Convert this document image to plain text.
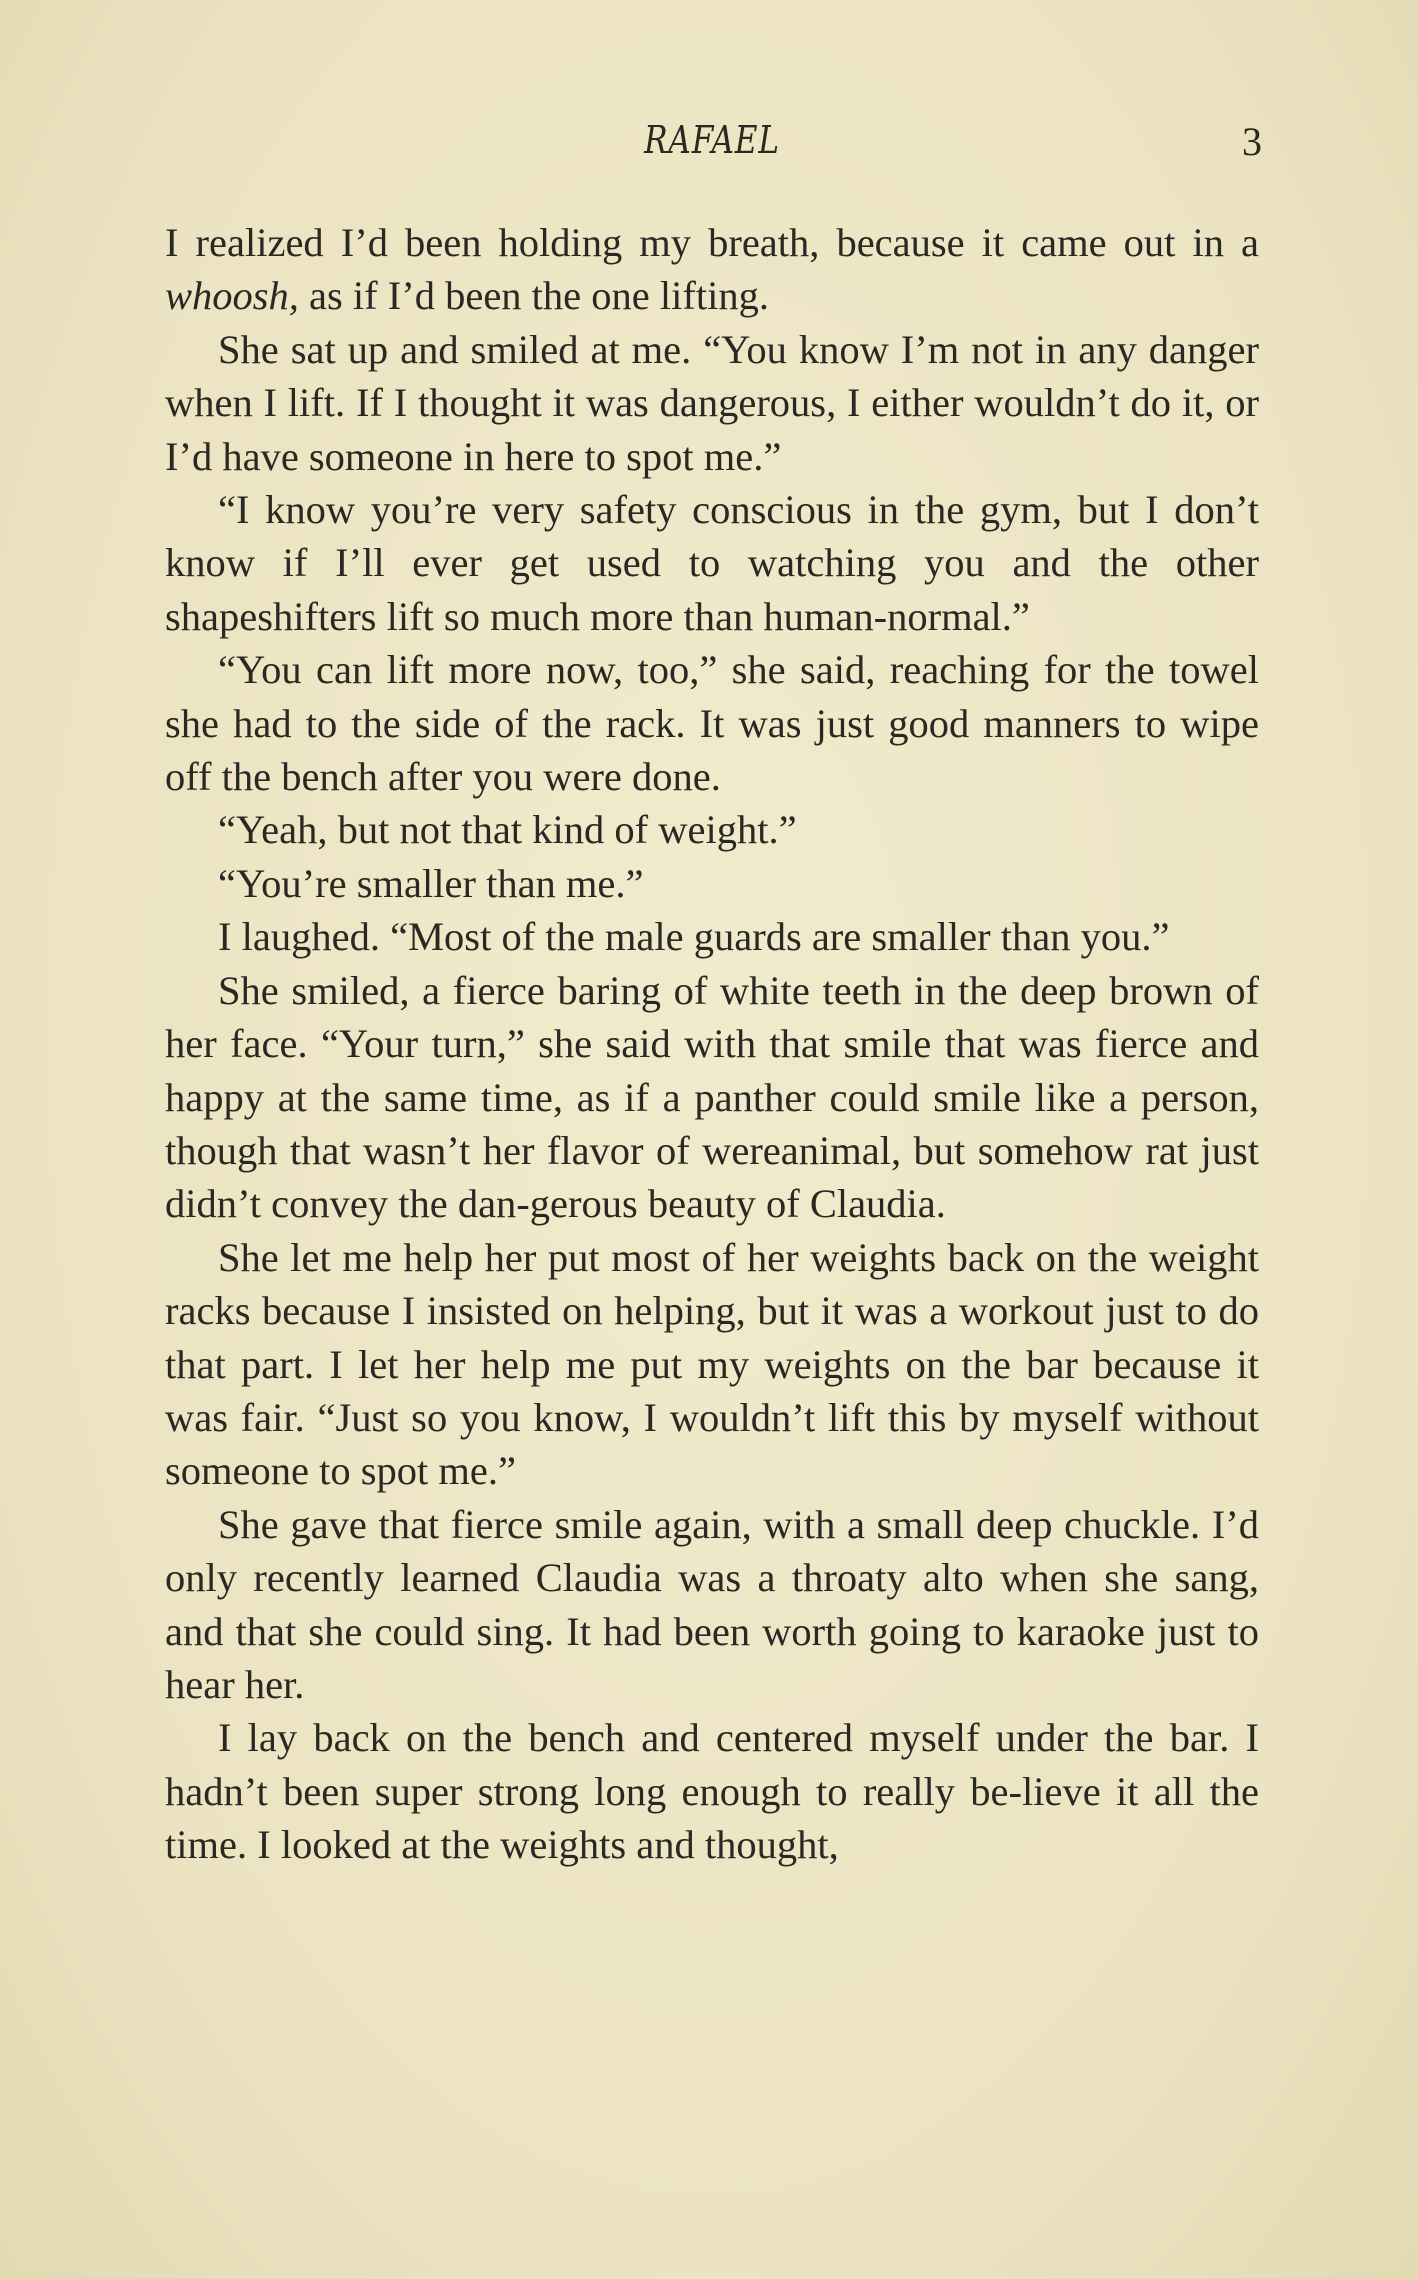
RAFAEL	3

I realized I’d been holding my breath, because it came out in a whoosh, as if I’d been the one lifting.

She sat up and smiled at me. “You know I’m not in any danger when I lift. If I thought it was dangerous, I either wouldn’t do it, or I’d have someone in here to spot me.”

“I know you’re very safety conscious in the gym, but I don’t know if I’ll ever get used to watching you and the other shapeshifters lift so much more than human-normal.”

“You can lift more now, too,” she said, reaching for the towel she had to the side of the rack. It was just good manners to wipe off the bench after you were done.

“Yeah, but not that kind of weight.”

“You’re smaller than me.”

I laughed. “Most of the male guards are smaller than you.”

She smiled, a fierce baring of white teeth in the deep brown of her face. “Your turn,” she said with that smile that was fierce and happy at the same time, as if a panther could smile like a person, though that wasn’t her flavor of wereanimal, but somehow rat just didn’t convey the dan-gerous beauty of Claudia.

She let me help her put most of her weights back on the weight racks because I insisted on helping, but it was a workout just to do that part. I let her help me put my weights on the bar because it was fair. “Just so you know, I wouldn’t lift this by myself without someone to spot me.”

She gave that fierce smile again, with a small deep chuckle. I’d only recently learned Claudia was a throaty alto when she sang, and that she could sing. It had been worth going to karaoke just to hear her.

I lay back on the bench and centered myself under the bar. I hadn’t been super strong long enough to really be-lieve it all the time. I looked at the weights and thought,
